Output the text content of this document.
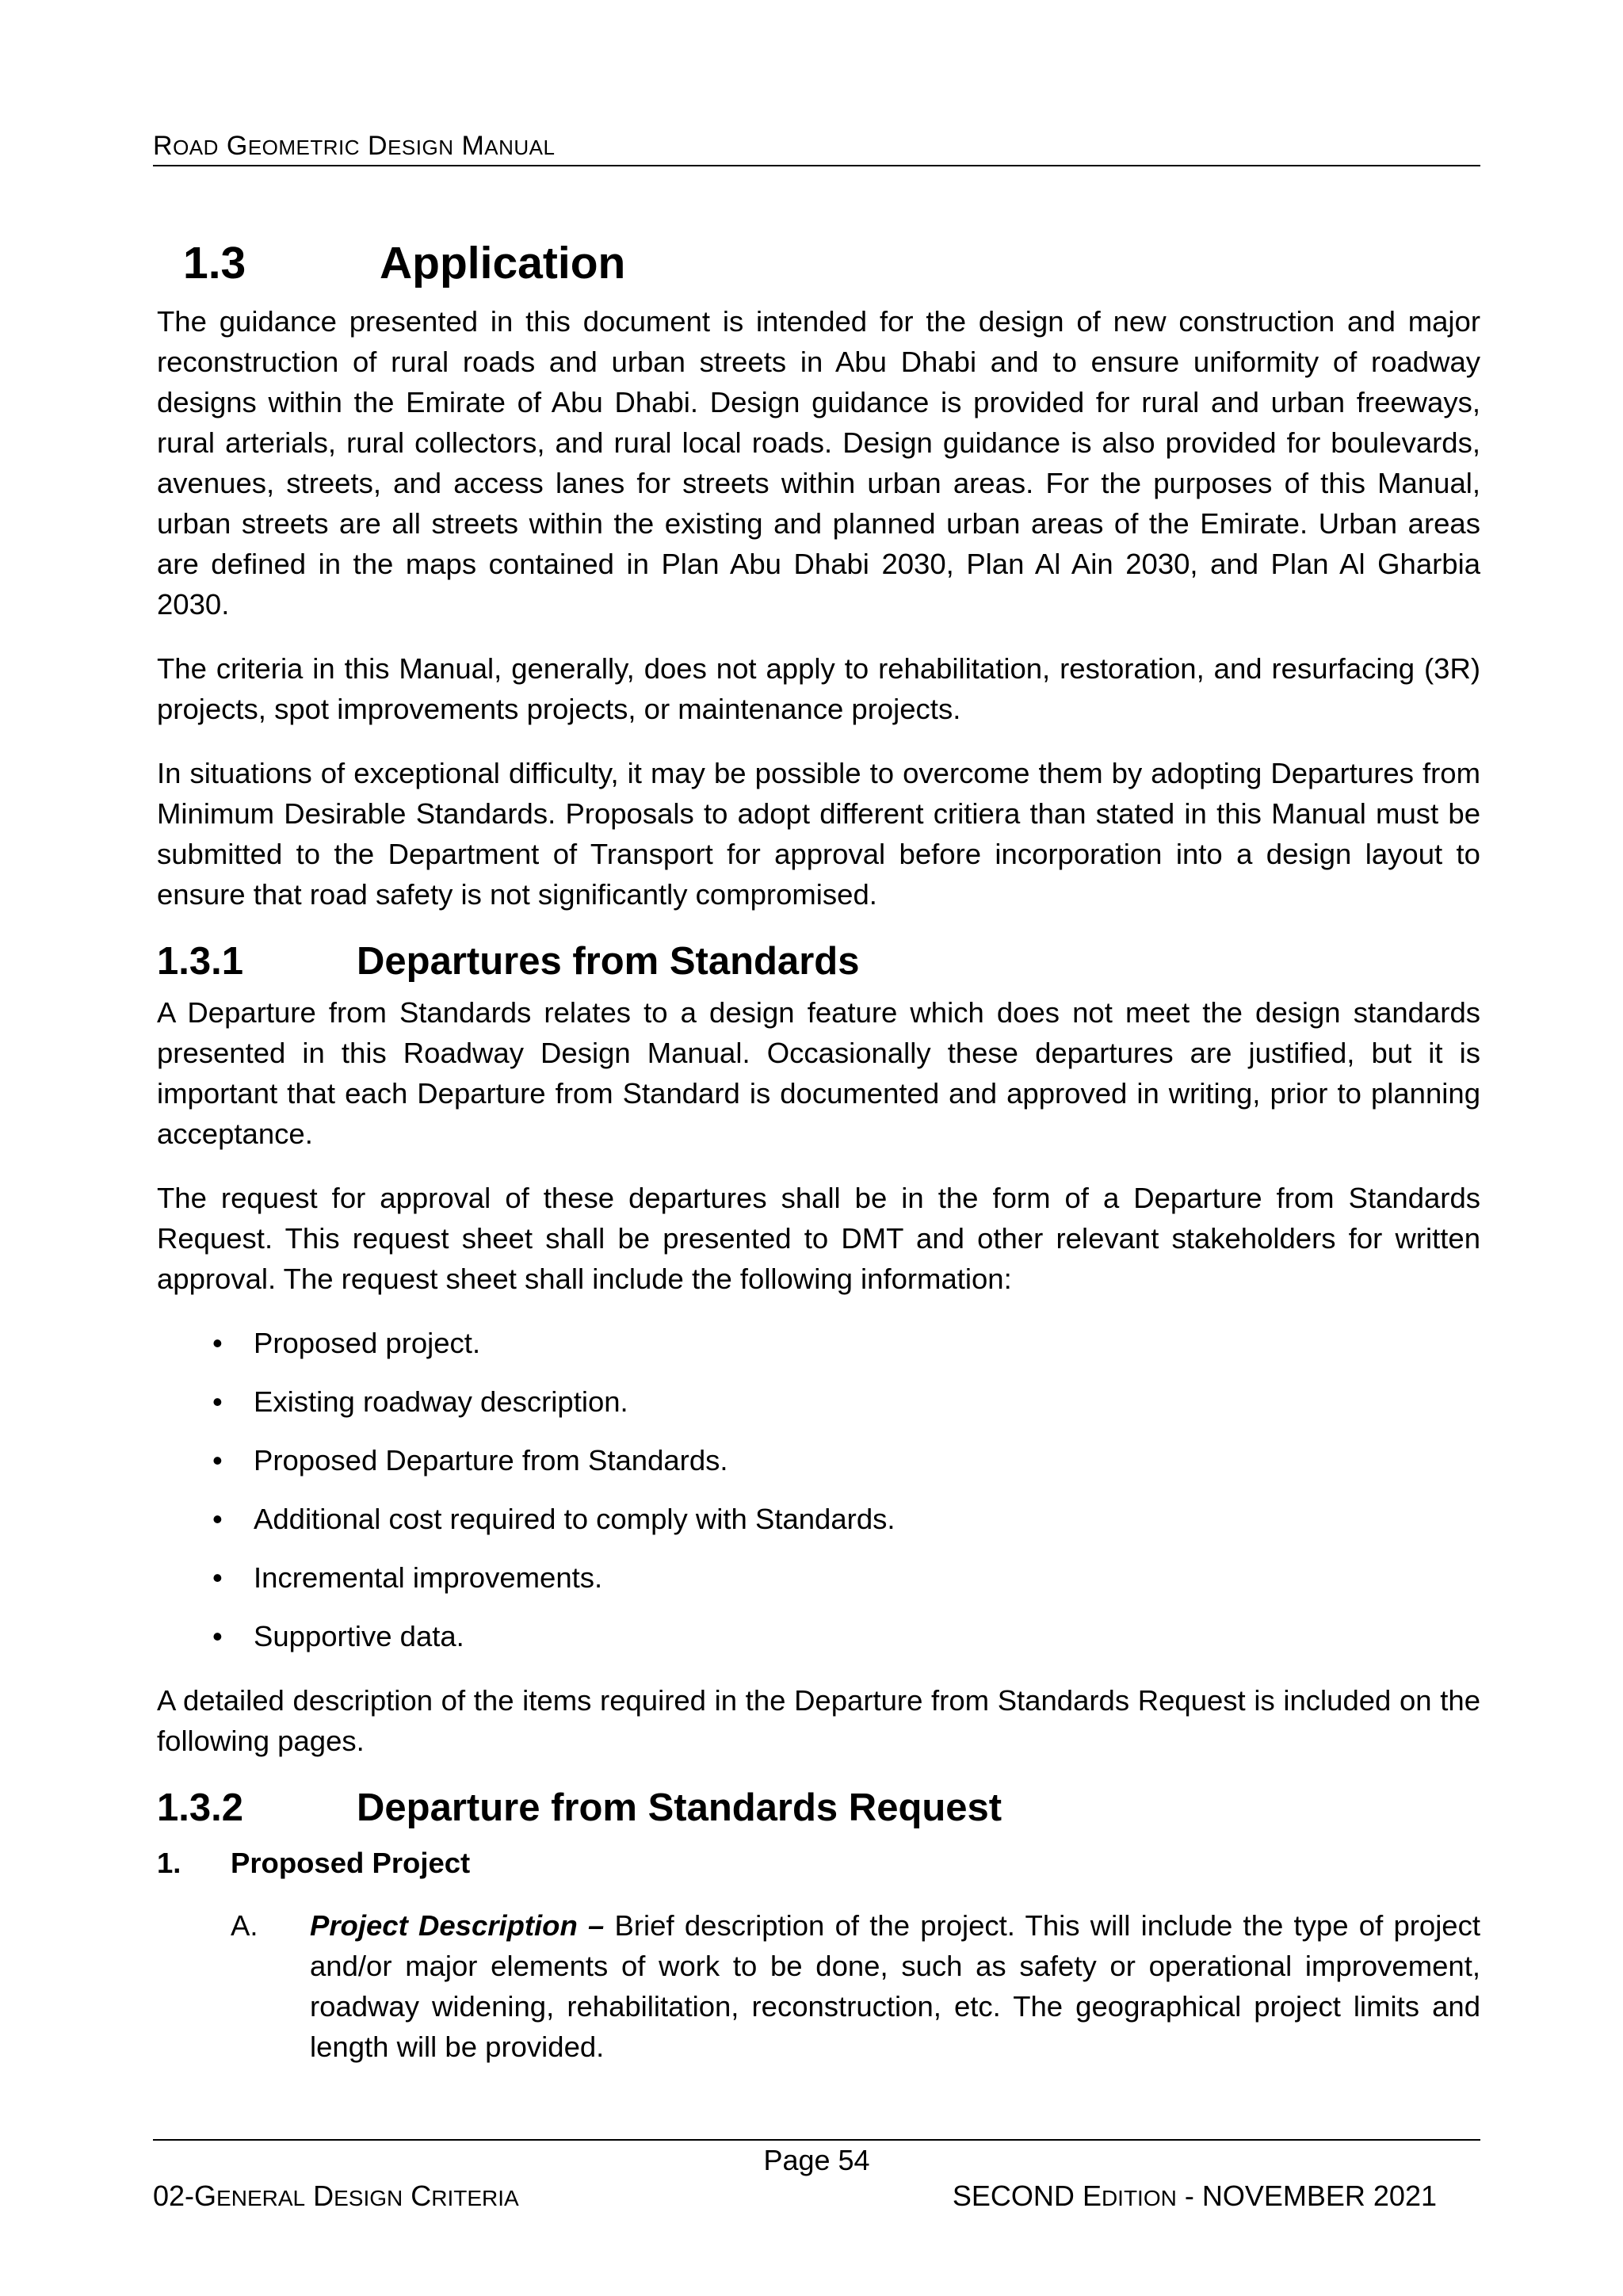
ROAD GEOMETRIC DESIGN MANUAL
1.3	Application

The guidance presented in this document is intended for the design of new construction and major reconstruction of rural roads and urban streets in Abu Dhabi and to ensure uniformity of roadway designs within the Emirate of Abu Dhabi. Design guidance is provided for rural and urban freeways, rural arterials, rural collectors, and rural local roads. Design guidance is also provided for boulevards, avenues, streets, and access lanes for streets within urban areas. For the purposes of this Manual, urban streets are all streets within the existing and planned urban areas of the Emirate. Urban areas are defined in the maps contained in Plan Abu Dhabi 2030, Plan Al Ain 2030, and Plan Al Gharbia 2030.

The criteria in this Manual, generally, does not apply to rehabilitation, restoration, and resurfacing (3R) projects, spot improvements projects, or maintenance projects.

In situations of exceptional difficulty, it may be possible to overcome them by adopting Departures from Minimum Desirable Standards. Proposals to adopt different critiera than stated in this Manual must be submitted to the Department of Transport for approval before incorporation into a design layout to ensure that road safety is not significantly compromised.

1.3.1	Departures from Standards

A Departure from Standards relates to a design feature which does not meet the design standards presented in this Roadway Design Manual. Occasionally these departures are justified, but it is important that each Departure from Standard is documented and approved in writing, prior to planning acceptance.

The request for approval of these departures shall be in the form of a Departure from Standards Request. This request sheet shall be presented to DMT and other relevant stakeholders for written approval. The request sheet shall include the following information:

• Proposed project.
• Existing roadway description.
• Proposed Departure from Standards.
• Additional cost required to comply with Standards.
• Incremental improvements.
• Supportive data.

A detailed description of the items required in the Departure from Standards Request is included on the following pages.

1.3.2	Departure from Standards Request
1.	Proposed Project
A.	Project Description – Brief description of the project. This will include the type of project and/or major elements of work to be done, such as safety or operational improvement, roadway widening, rehabilitation, reconstruction, etc. The geographical project limits and length will be provided.
Page 54
02-GENERAL DESIGN CRITERIA	SECOND EDITION - NOVEMBER 2021
